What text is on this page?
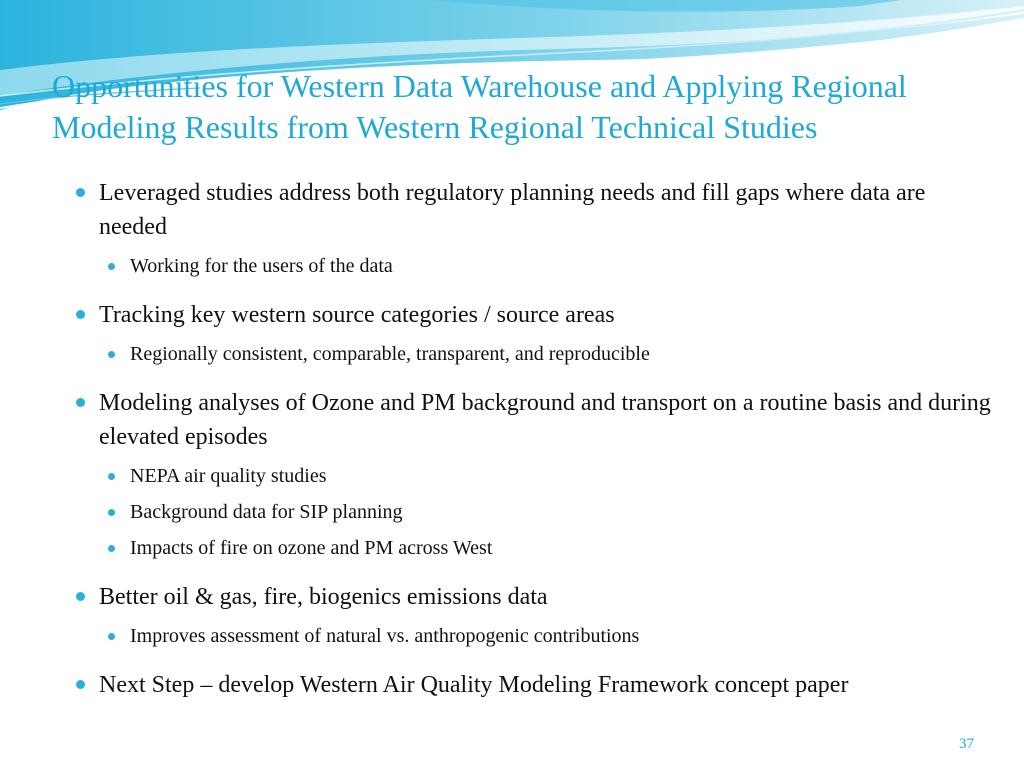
Opportunities for Western Data Warehouse and Applying Regional Modeling Results from Western Regional Technical Studies
Leveraged studies address both regulatory planning needs and fill gaps where data are needed
Working for the users of the data
Tracking key western source categories / source areas
Regionally consistent, comparable, transparent, and reproducible
Modeling analyses of Ozone and PM background and transport on a routine basis and during elevated episodes
NEPA air quality studies
Background data for SIP planning
Impacts of fire on ozone and PM across West
Better oil & gas, fire, biogenics emissions data
Improves assessment of natural vs. anthropogenic contributions
Next Step – develop Western Air Quality Modeling Framework concept paper
37
